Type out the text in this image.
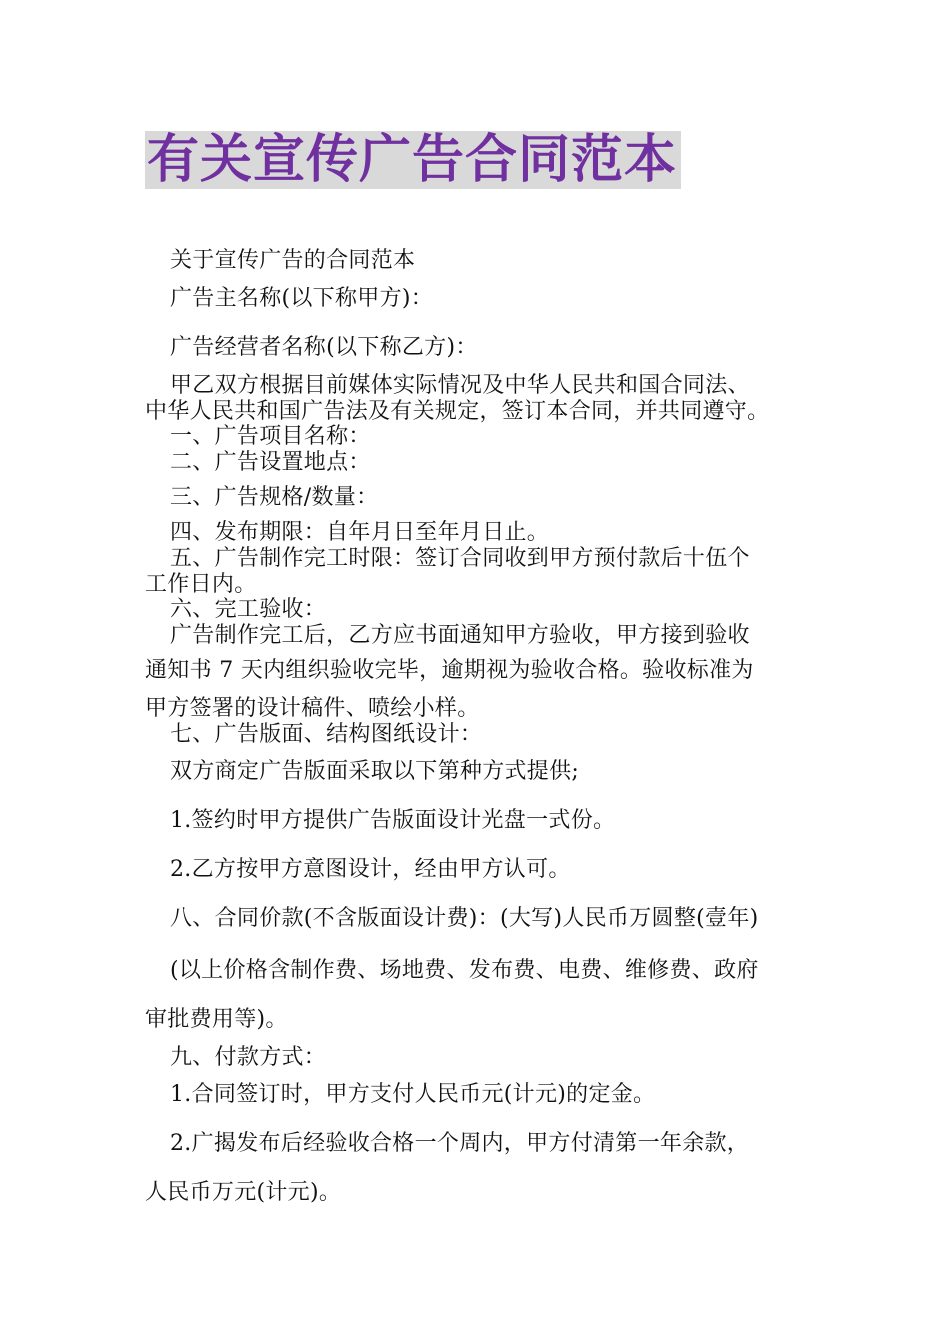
有关宣传广告合同范本
关于宣传广告的合同范本
广告主名称(以下称甲方)：
广告经营者名称(以下称乙方)：
甲乙双方根据目前媒体实际情况及中华人民共和国合同法、
中华人民共和国广告法及有关规定，签订本合同，并共同遵守。
一、广告项目名称：
二、广告设置地点：
三、广告规格/数量：
四、发布期限：自年月日至年月日止。
五、广告制作完工时限：签订合同收到甲方预付款后十伍个
工作日内。
六、完工验收：
广告制作完工后，乙方应书面通知甲方验收，甲方接到验收
通知书 7 天内组织验收完毕，逾期视为验收合格。验收标准为
甲方签署的设计稿件、喷绘小样。
七、广告版面、结构图纸设计：
双方商定广告版面采取以下第种方式提供;
1.签约时甲方提供广告版面设计光盘一式份。
2.乙方按甲方意图设计，经由甲方认可。
八、合同价款(不含版面设计费)：(大写)人民币万圆整(壹年)
(以上价格含制作费、场地费、发布费、电费、维修费、政府
审批费用等)。
九、付款方式：
1.合同签订时，甲方支付人民币元(计元)的定金。
2.广揭发布后经验收合格一个周内，甲方付清第一年余款，
人民币万元(计元)。
